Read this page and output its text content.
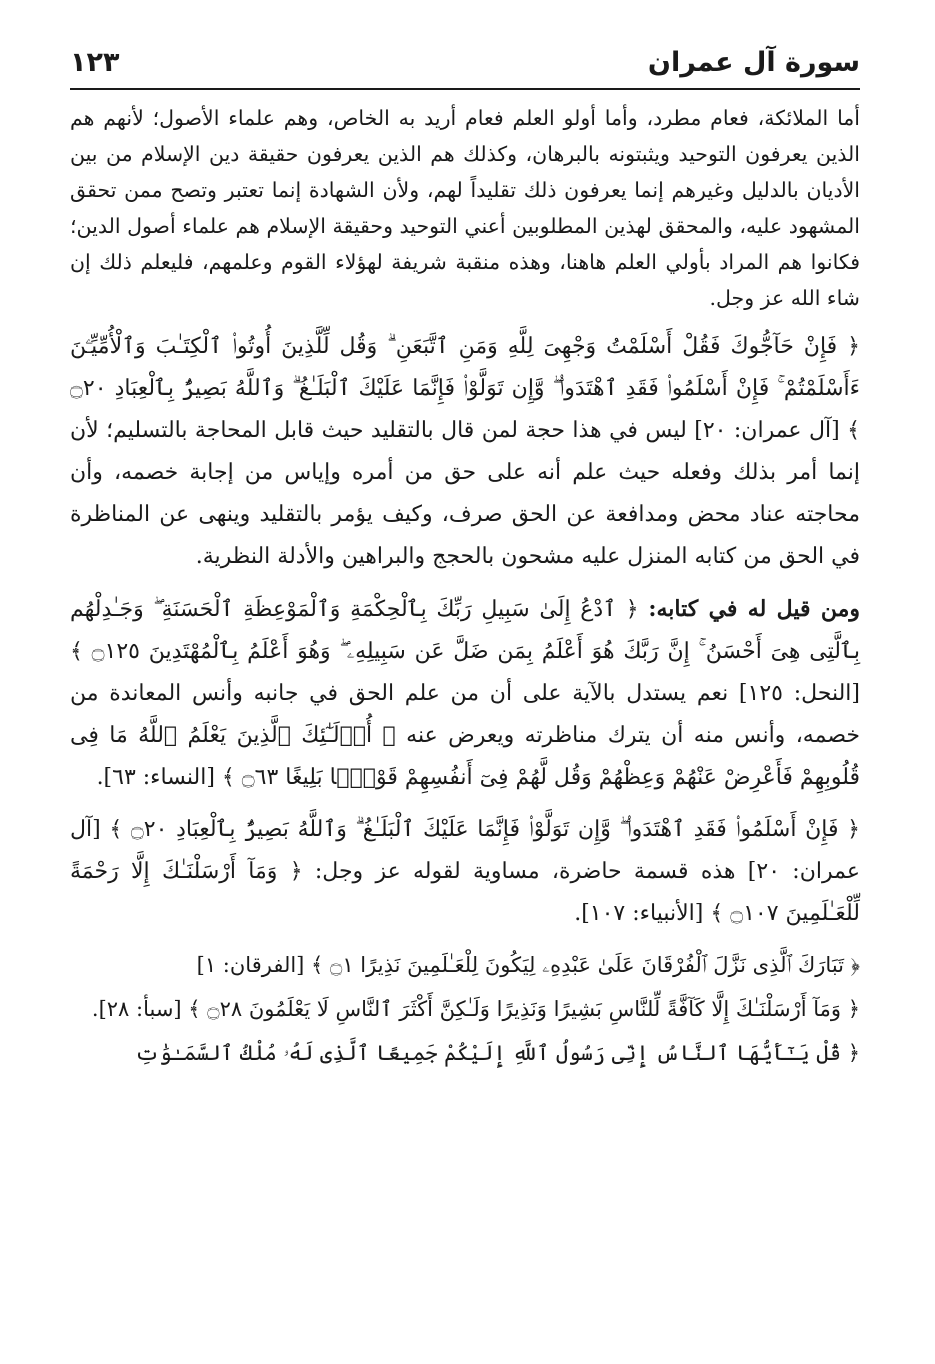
سورة آل عمران
١٢٣

أما الملائكة، فعام مطرد، وأما أولو العلم فعام أريد به الخاص، وهم علماء الأصول؛ لأنهم هم الذين يعرفون التوحيد ويثبتونه بالبرهان، وكذلك هم الذين يعرفون حقيقة دين الإسلام من بين الأديان بالدليل وغيرهم إنما يعرفون ذلك تقليداً لهم، ولأن الشهادة إنما تعتبر وتصح ممن تحقق المشهود عليه، والمحقق لهذين المطلوبين أعني التوحيد وحقيقة الإسلام هم علماء أصول الدين؛ فكانوا هم المراد بأولي العلم هاهنا، وهذه منقبة شريفة لهؤلاء القوم وعلمهم، فليعلم ذلك إن شاء الله عز وجل.

﴿ فَإِنْ حَآجُّوكَ فَقُلْ أَسْلَمْتُ وَجْهِىَ لِلَّهِ وَمَنِ ٱتَّبَعَنِ ۗ وَقُل لِّلَّذِينَ أُوتُوا۟ ٱلْكِتَـٰبَ وَٱلْأُمِّيِّـۧنَ ءَأَسْلَمْتُمْ ۚ فَإِنْ أَسْلَمُوا۟ فَقَدِ ٱهْتَدَوا۟ ۖ وَّإِن تَوَلَّوْا۟ فَإِنَّمَا عَلَيْكَ ٱلْبَلَـٰغُ ۗ وَٱللَّهُ بَصِيرٌۢ بِٱلْعِبَادِ ۝٢٠ ﴾ [آل عمران: ٢٠] ليس في هذا حجة لمن قال بالتقليد حيث قابل المحاجة بالتسليم؛ لأن إنما أمر بذلك وفعله حيث علم أنه على حق من أمره وإياس من إجابة خصمه، وأن محاجته عناد محض ومدافعة عن الحق صرف، وكيف يؤمر بالتقليد وينهى عن المناظرة في الحق من كتابه المنزل عليه مشحون بالحجج والبراهين والأدلة النظرية.

ومن قيل له في كتابه: ﴿ ٱدْعُ إِلَىٰ سَبِيلِ رَبِّكَ بِٱلْحِكْمَةِ وَٱلْمَوْعِظَةِ ٱلْحَسَنَةِ ۖ وَجَـٰدِلْهُم بِٱلَّتِى هِىَ أَحْسَنُ ۚ إِنَّ رَبَّكَ هُوَ أَعْلَمُ بِمَن ضَلَّ عَن سَبِيلِهِۦ ۖ وَهُوَ أَعْلَمُ بِٱلْمُهْتَدِينَ ۝١٢٥ ﴾ [النحل: ١٢٥] نعم يستدل بالآية على أن من علم الحق في جانبه وأنس المعاندة من خصمه، وأنس منه أن يترك مناظرته ويعرض عنه ﴿ أُو۟لَـٰٓئِكَ ٱلَّذِينَ يَعْلَمُ ٱللَّهُ مَا فِى قُلُوبِهِمْ فَأَعْرِضْ عَنْهُمْ وَعِظْهُمْ وَقُل لَّهُمْ فِىٓ أَنفُسِهِمْ قَوْلًۢا بَلِيغًا ۝٦٣ ﴾ [النساء: ٦٣].

﴿ فَإِنْ أَسْلَمُوا۟ فَقَدِ ٱهْتَدَوا۟ ۖ وَّإِن تَوَلَّوْا۟ فَإِنَّمَا عَلَيْكَ ٱلْبَلَـٰغُ ۗ وَٱللَّهُ بَصِيرٌۢ بِٱلْعِبَادِ ۝٢٠ ﴾ [آل عمران: ٢٠] هذه قسمة حاضرة، مساوية لقوله عز وجل: ﴿ وَمَآ أَرْسَلْنَـٰكَ إِلَّا رَحْمَةً لِّلْعَـٰلَمِينَ ۝١٠٧ ﴾ [الأنبياء: ١٠٧].

﴿ تَبَارَكَ ٱلَّذِى نَزَّلَ ٱلْفُرْقَانَ عَلَىٰ عَبْدِهِۦ لِيَكُونَ لِلْعَـٰلَمِينَ نَذِيرًا ۝١ ﴾ [الفرقان: ١]

﴿ وَمَآ أَرْسَلْنَـٰكَ إِلَّا كَآفَّةً لِّلنَّاسِ بَشِيرًا وَنَذِيرًا وَلَـٰكِنَّ أَكْثَرَ ٱلنَّاسِ لَا يَعْلَمُونَ ۝٢٨ ﴾ [سبأ: ٢٨].

﴿ قُلْ يَـٰٓأَيُّهَا ٱلنَّاسُ إِنِّى رَسُولُ ٱللَّهِ إِلَيْكُمْ جَمِيعًا ٱلَّذِى لَهُۥ مُلْكُ ٱلسَّمَـٰوَٰتِ
